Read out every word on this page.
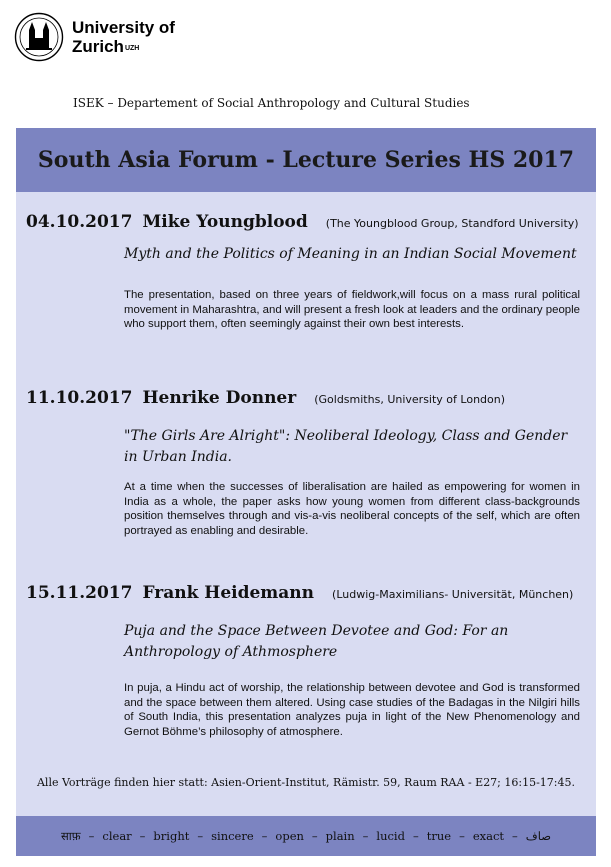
University of
Zurich$^{UZH}$
ISEK – Departement of Social Anthropology and Cultural Studies
South Asia Forum - Lecture Series HS 2017
04.10.2017 Mike Youngblood (The Youngblood Group, Standford University)
Myth and the Politics of Meaning in an Indian Social Movement
The presentation, based on three years of fieldwork,will focus on a mass rural political movement in Maharashtra, and will present a fresh look at leaders and the ordinary people who support them, often seemingly against their own best interests.
11.10.2017 Henrike Donner (Goldsmiths, University of London)
"The Girls Are Alright": Neoliberal Ideology, Class and Gender in Urban India.
At a time when the successes of liberalisation are hailed as empowering for women in India as a whole, the paper asks how young women from different class-backgrounds position themselves through and vis-a-vis neoliberal concepts of the self, which are often portrayed as enabling and desirable.
15.11.2017 Frank Heidemann (Ludwig-Maximilians- Universität, München)
Puja and the Space Between Devotee and God: For an Anthropology of Athmosphere
In puja, a Hindu act of worship, the relationship between devotee and God is transformed and the space between them altered. Using case studies of the Badagas in the Nilgiri hills of South India, this presentation analyzes puja in light of the New Phenomenology and Gernot Böhme’s philosophy of atmosphere.
Alle Vorträge finden hier statt: Asien-Orient-Institut, Rämistr. 59, Raum RAA - E27; 16:15-17:45.
साफ़ – clear – bright – sincere – open – plain – lucid – true – exact – صاف
